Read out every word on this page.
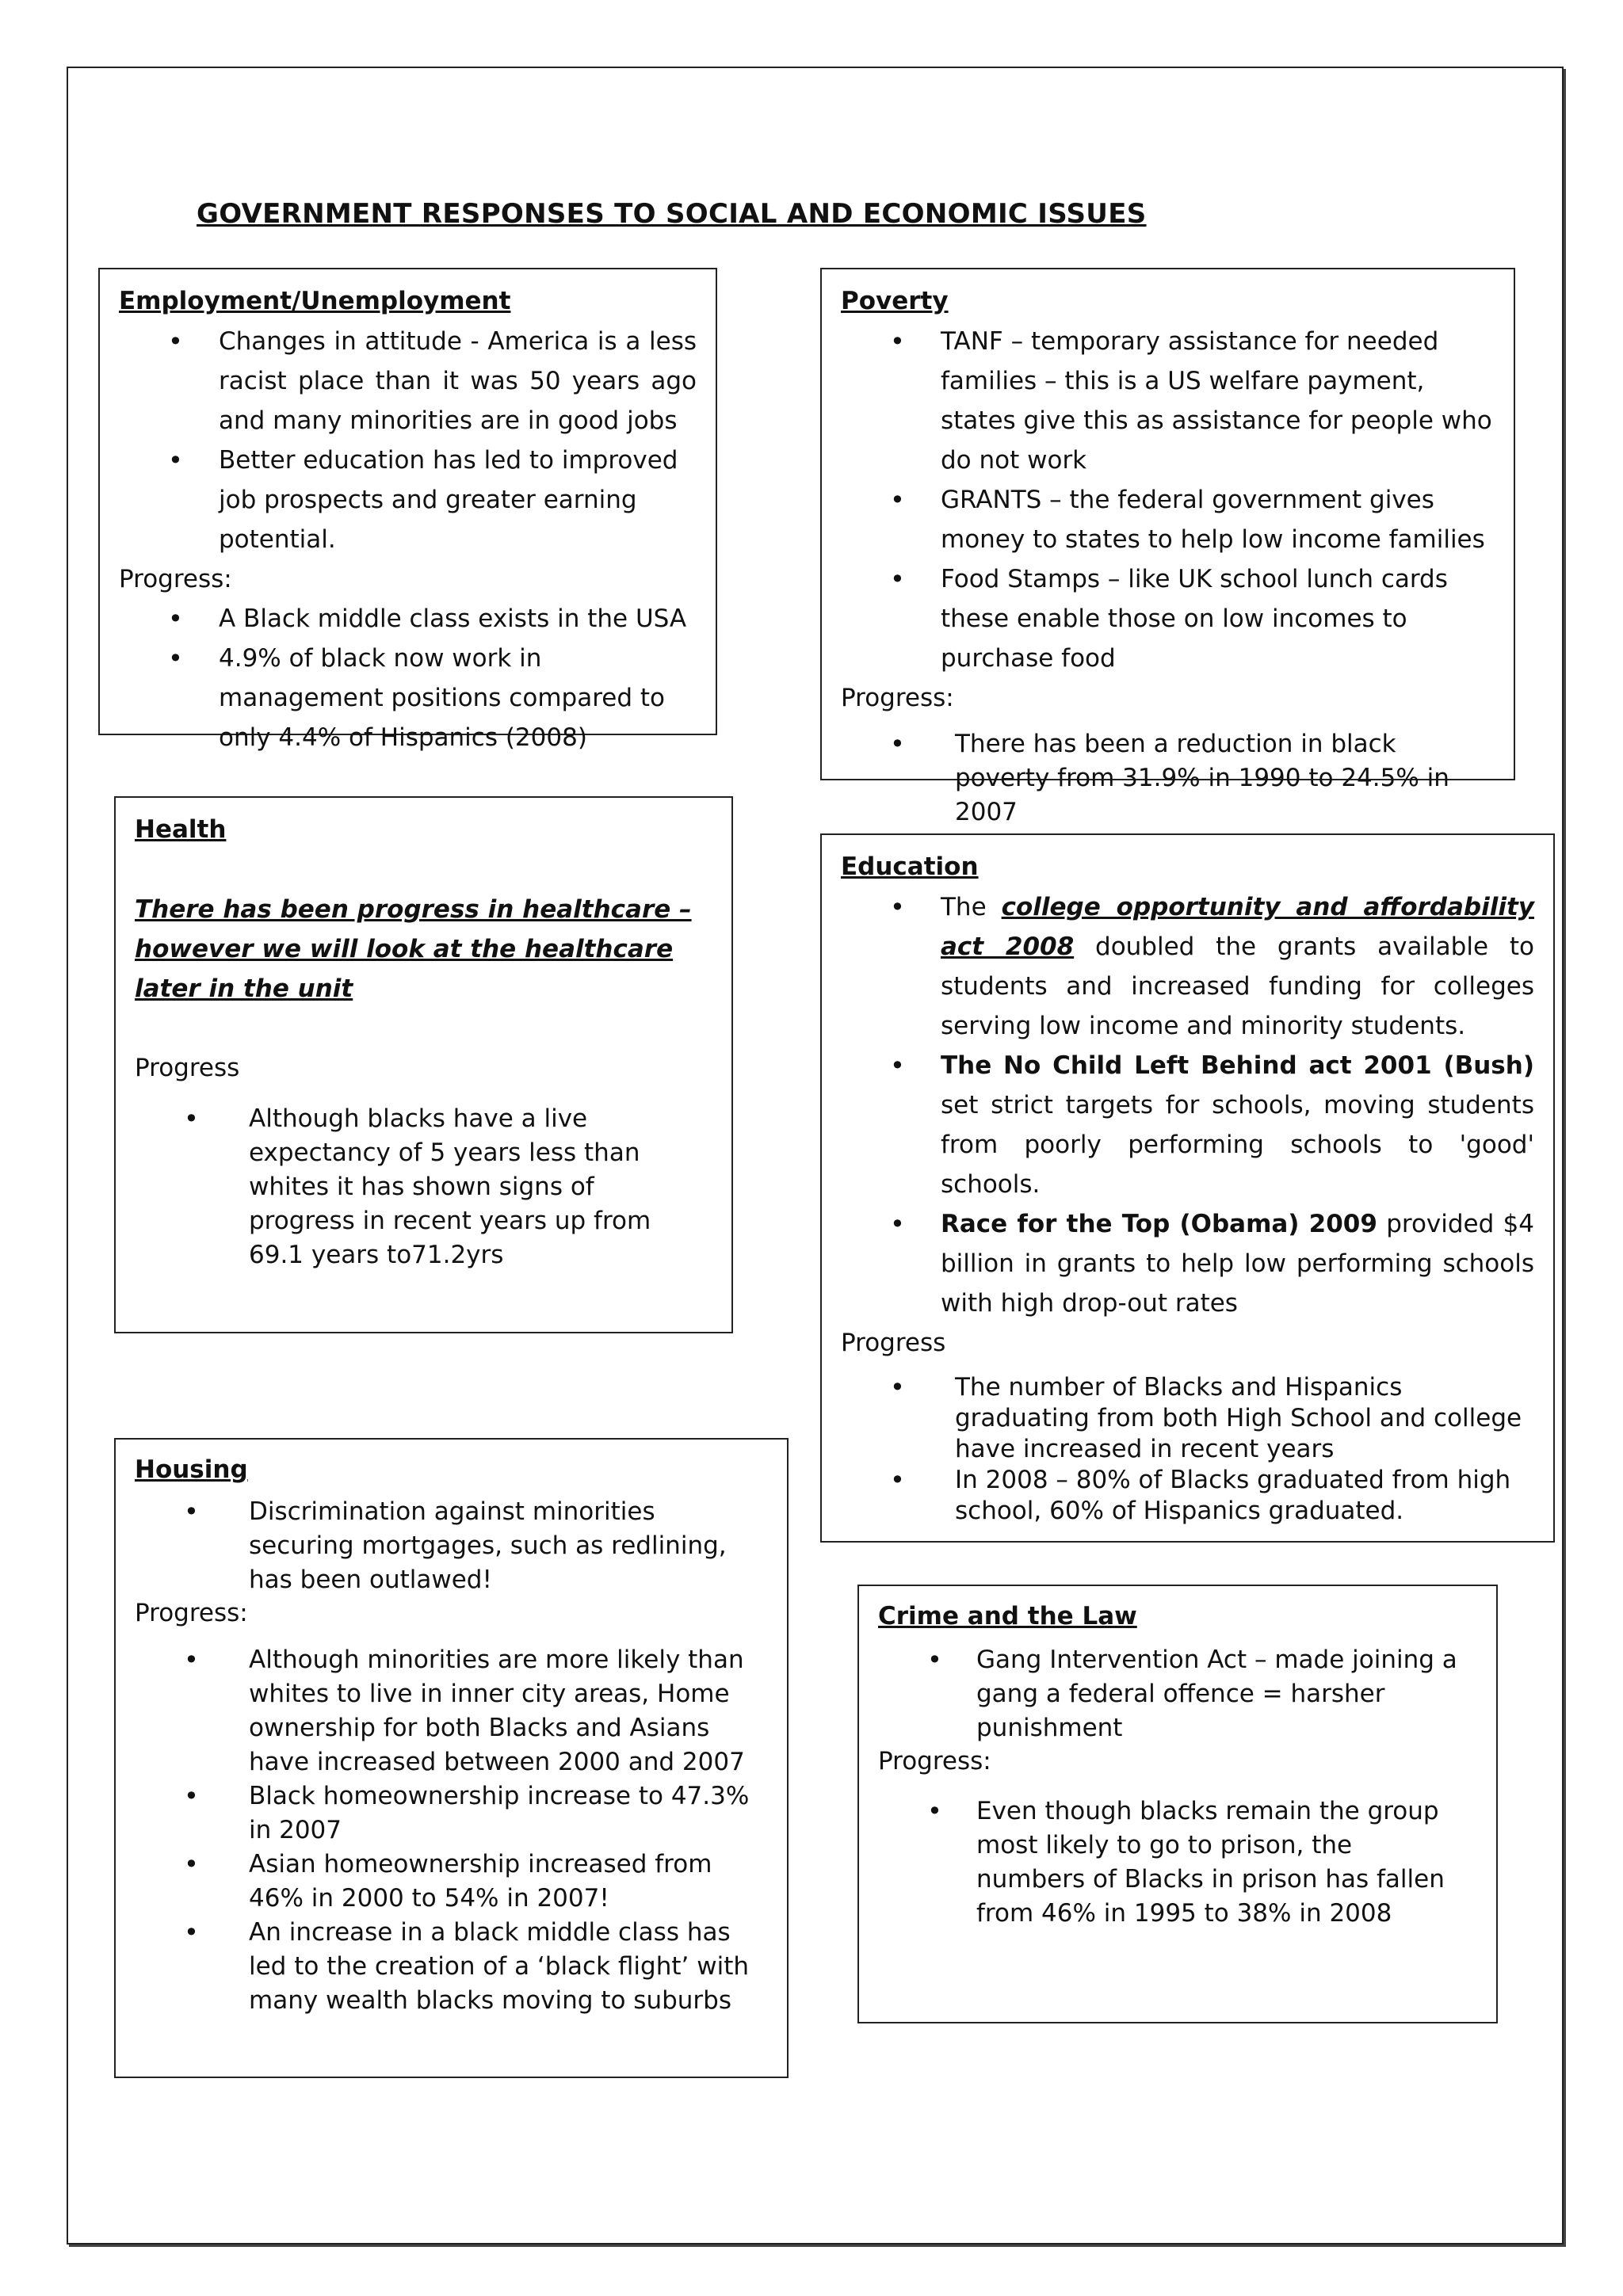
GOVERNMENT RESPONSES TO SOCIAL AND ECONOMIC ISSUES
Employment/Unemployment
• Changes in attitude - America is a less racist place than it was 50 years ago and many minorities are in good jobs
• Better education has led to improved job prospects and greater earning potential.
Progress:
• A Black middle class exists in the USA
• 4.9% of black now work in management positions compared to only 4.4% of Hispanics (2008)
Poverty
• TANF – temporary assistance for needed families – this is a US welfare payment, states give this as assistance for people who do not work
• GRANTS – the federal government gives money to states to help low income families
• Food Stamps – like UK school lunch cards these enable those on low incomes to purchase food
Progress:
• There has been a reduction in black poverty from 31.9% in 1990 to 24.5% in 2007
Health
There has been progress in healthcare – however we will look at the healthcare later in the unit
Progress
• Although blacks have a live expectancy of 5 years less than whites it has shown signs of progress in recent years up from 69.1 years to71.2yrs
Education
• The college opportunity and affordability act 2008 doubled the grants available to students and increased funding for colleges serving low income and minority students.
• The No Child Left Behind act 2001 (Bush) set strict targets for schools, moving students from poorly performing schools to 'good' schools.
• Race for the Top (Obama) 2009 provided $4 billion in grants to help low performing schools with high drop-out rates
Progress
• The number of Blacks and Hispanics graduating from both High School and college have increased in recent years
• In 2008 – 80% of Blacks graduated from high school, 60% of Hispanics graduated.
Housing
• Discrimination against minorities securing mortgages, such as redlining, has been outlawed!
Progress:
• Although minorities are more likely than whites to live in inner city areas, Home ownership for both Blacks and Asians have increased between 2000 and 2007
• Black homeownership increase to 47.3% in 2007
• Asian homeownership increased from 46% in 2000 to 54% in 2007!
• An increase in a black middle class has led to the creation of a ‘black flight’ with many wealth blacks moving to suburbs
Crime and the Law
• Gang Intervention Act – made joining a gang a federal offence = harsher punishment
Progress:
• Even though blacks remain the group most likely to go to prison, the numbers of Blacks in prison has fallen from 46% in 1995 to 38% in 2008
